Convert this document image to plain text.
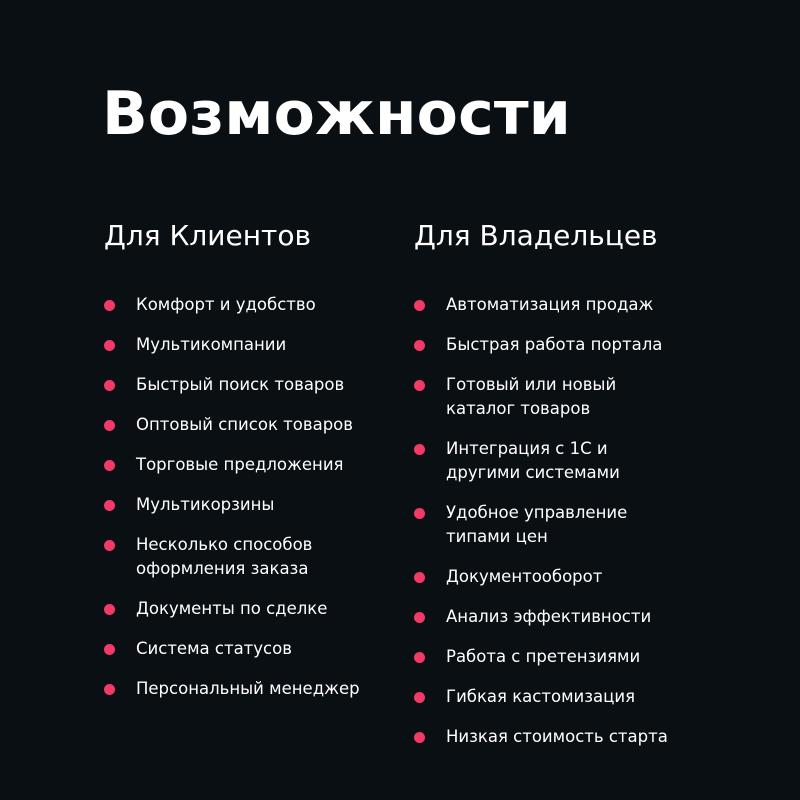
Возможности
Для Клиентов
Комфорт и удобство
Мультикомпании
Быстрый поиск товаров
Оптовый список товаров
Торговые предложения
Мультикорзины
Несколько способов
оформления заказа
Документы по сделке
Система статусов
Персональный менеджер
Для Владельцев
Автоматизация продаж
Быстрая работа портала
Готовый или новый
каталог товаров
Интеграция с 1С и
другими системами
Удобное управление
типами цен
Документооборот
Анализ эффективности
Работа с претензиями
Гибкая кастомизация
Низкая стоимость старта
